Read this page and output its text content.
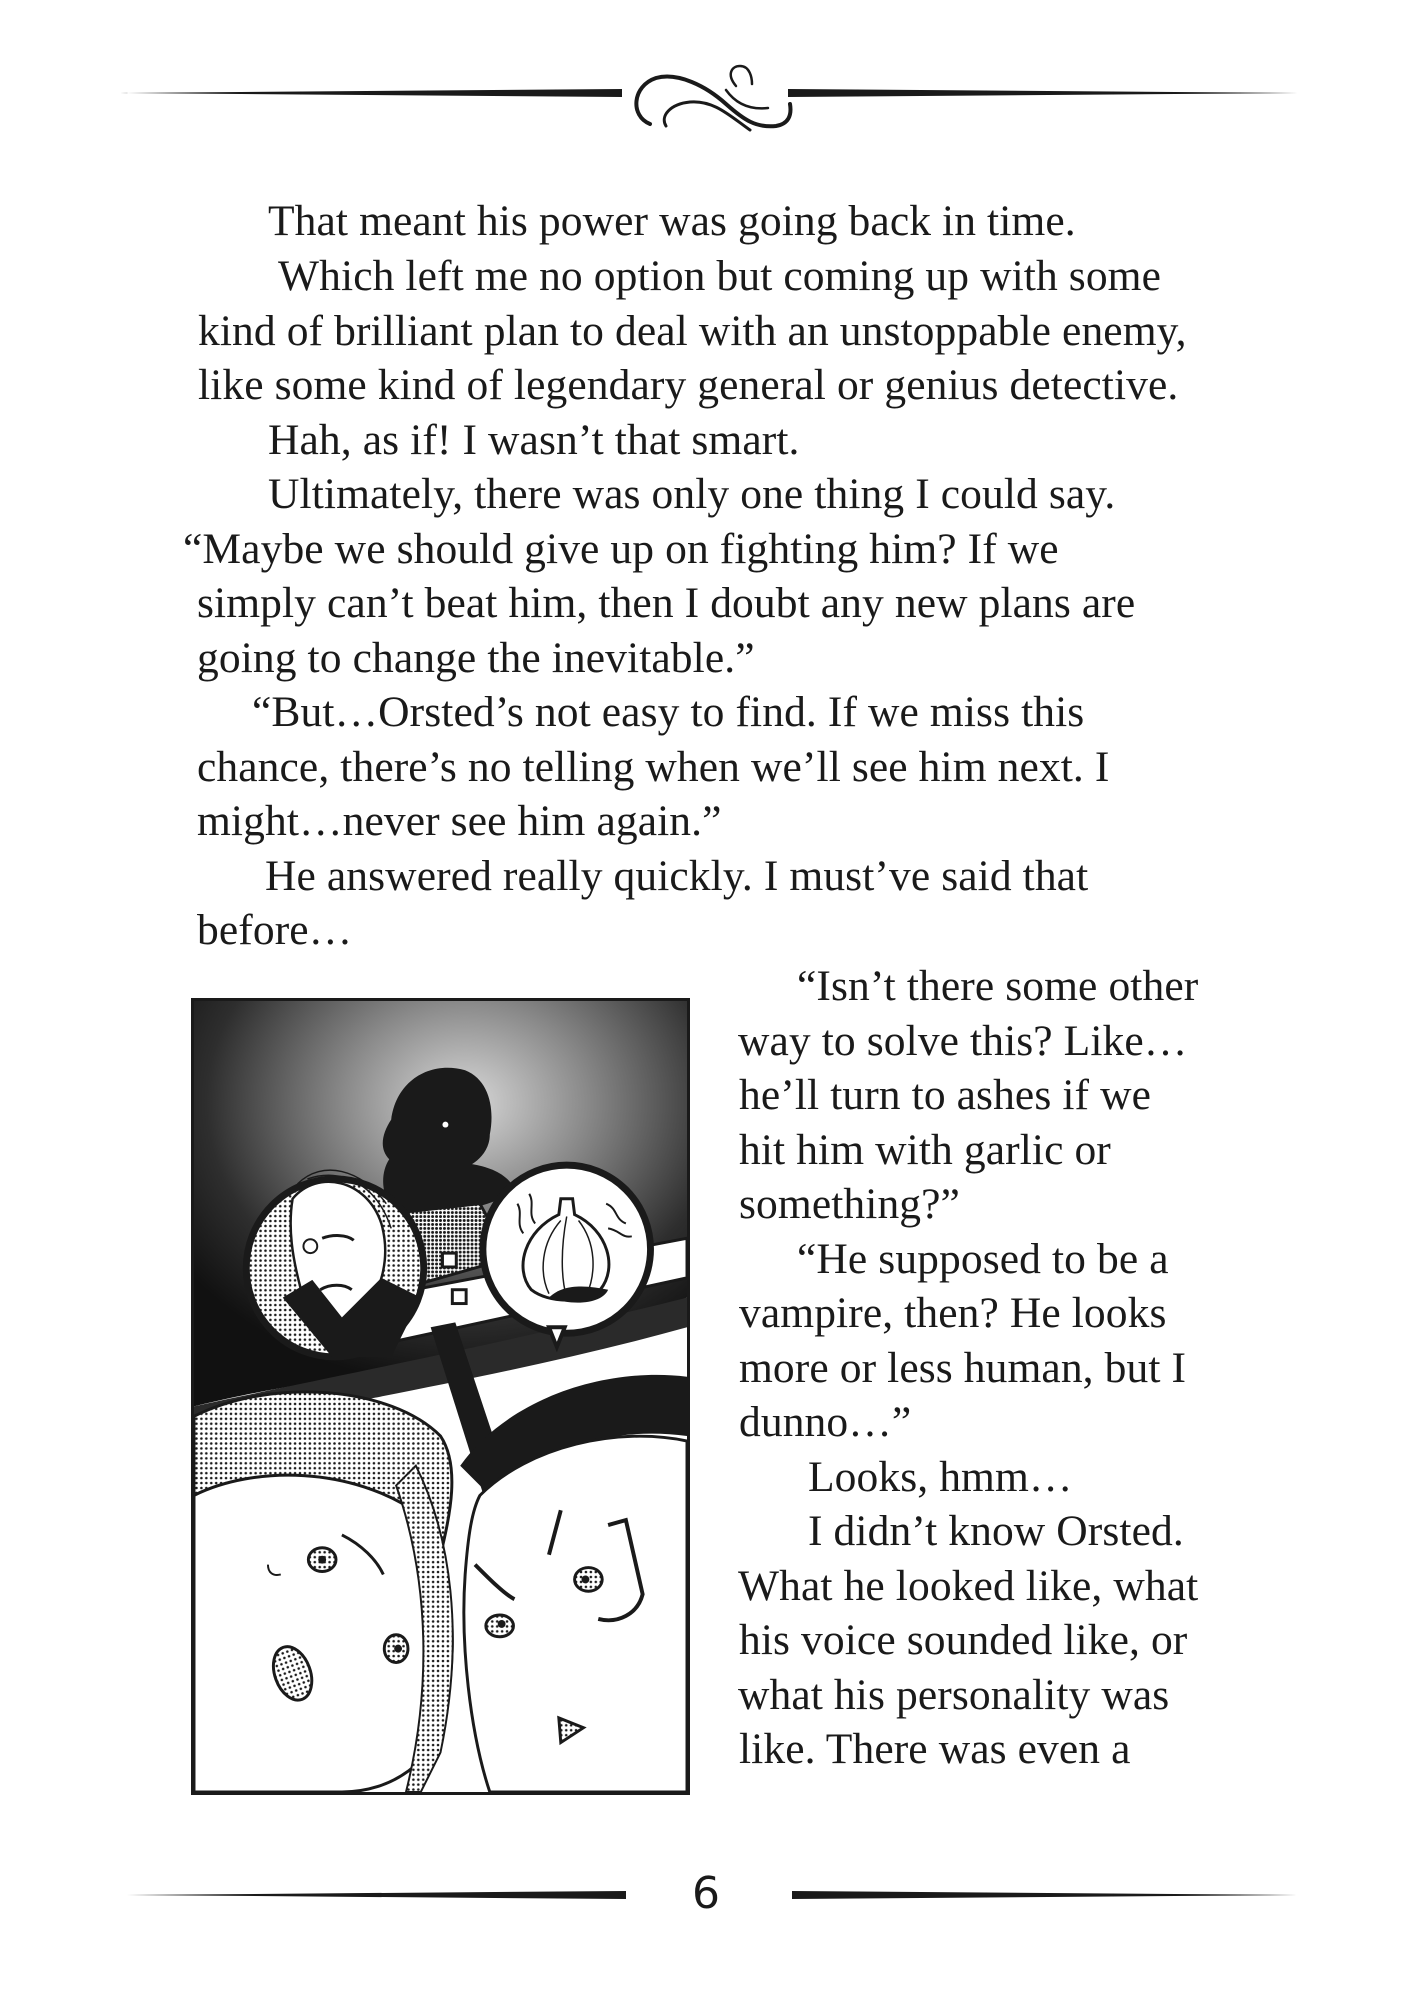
That meant his power was going back in time.
Which left me no option but coming up with some
kind of brilliant plan to deal with an unstoppable enemy,
like some kind of legendary general or genius detective.
Hah, as if! I wasn’t that smart.
Ultimately, there was only one thing I could say.
“Maybe we should give up on fighting him? If we
simply can’t beat him, then I doubt any new plans are
going to change the inevitable.”
“But…Orsted’s not easy to find. If we miss this
chance, there’s no telling when we’ll see him next. I
might…never see him again.”
He answered really quickly. I must’ve said that
before…
“Isn’t there some other
way to solve this? Like…
he’ll turn to ashes if we
hit him with garlic or
something?”
“He supposed to be a
vampire, then? He looks
more or less human, but I
dunno…”
Looks, hmm…
I didn’t know Orsted.
What he looked like, what
his voice sounded like, or
what his personality was
like. There was even a
6
